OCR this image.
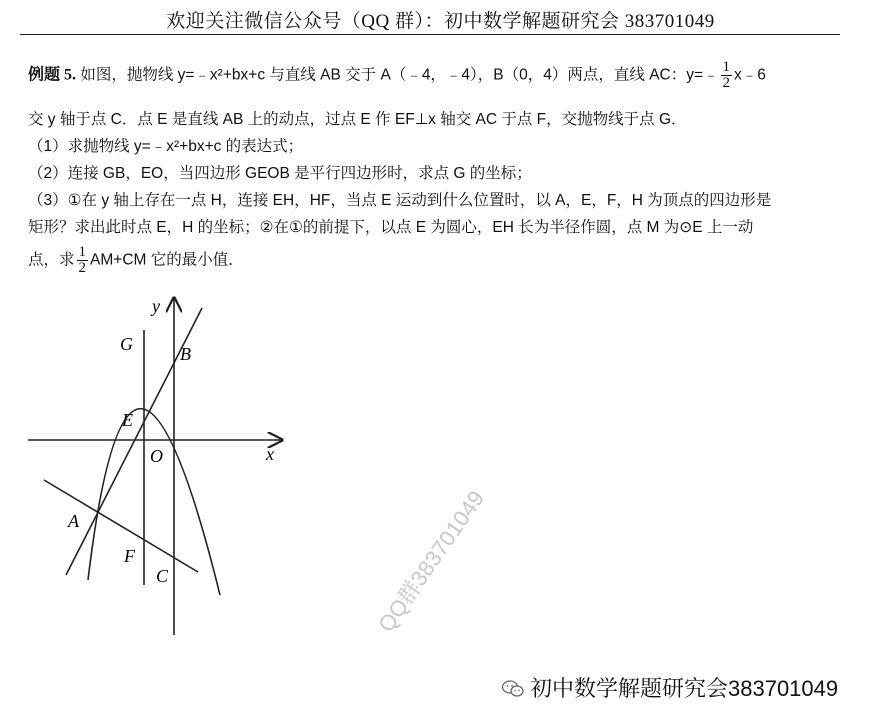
欢迎关注微信公众号（QQ 群）：初中数学解题研究会 383701049
例题 5. 如图，抛物线 y=﹣x²+bx+c 与直线 AB 交于 A（﹣4，﹣4），B（0，4）两点，直线 AC：y=﹣ $\frac{1}{2}$ x﹣6
交 y 轴于点 C．点 E 是直线 AB 上的动点，过点 E 作 EF⊥x 轴交 AC 于点 F，交抛物线于点 G．
（1）求抛物线 y=﹣x²+bx+c 的表达式；
（2）连接 GB，EO，当四边形 GEOB 是平行四边形时，求点 G 的坐标；
（3）①在 y 轴上存在一点 H，连接 EH，HF，当点 E 运动到什么位置时，以 A，E，F，H 为顶点的四边形是
矩形？求出此时点 E，H 的坐标；②在①的前提下，以点 E 为圆心，EH 长为半径作圆，点 M 为⊙E 上一动
点，求 $\frac{1}{2} AM+CM$ 它的最小值．
y
x
G	B
E
O
A
F
C	QQ群383701049
初中数学解题研究会383701049
